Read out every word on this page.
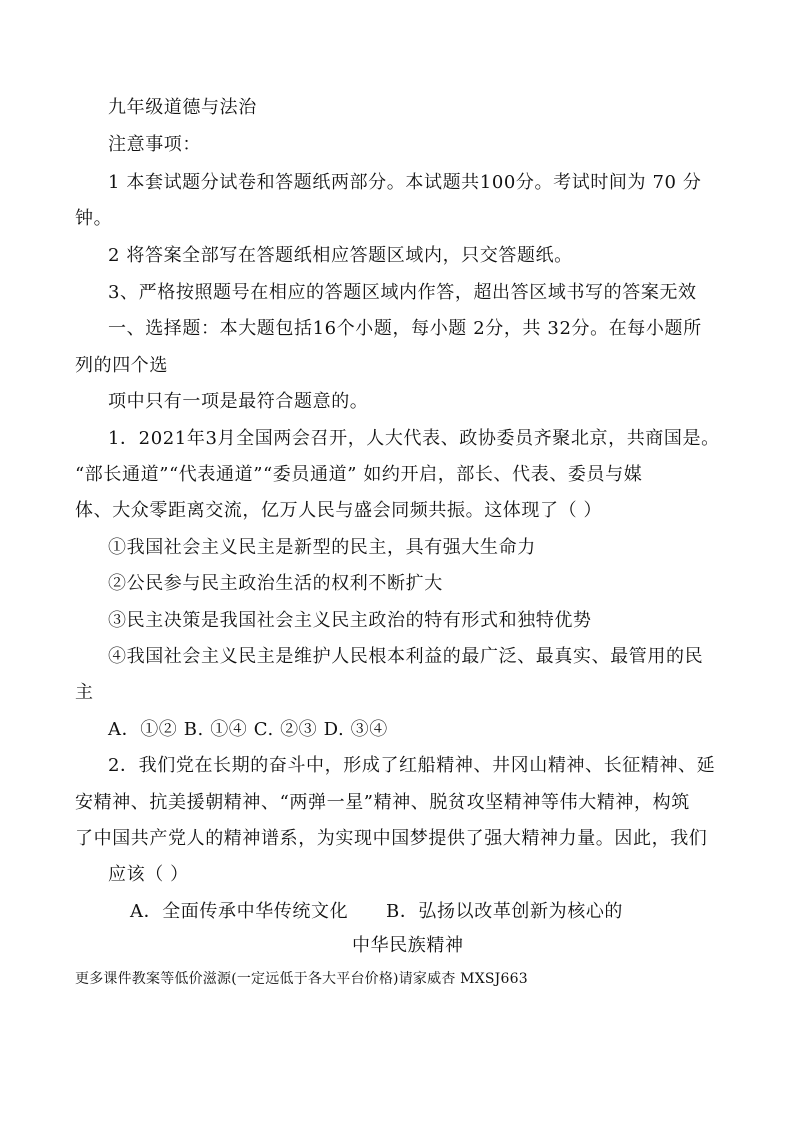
九年级道德与法治
注意事项：
1 本套试题分试卷和答题纸两部分。本试题共100分。考试时间为 70 分
钟。
2 将答案全部写在答题纸相应答题区域内，只交答题纸。
3、严格按照题号在相应的答题区域内作答，超出答区域书写的答案无效
一、选择题：本大题包括16个小题，每小题 2分，共 32分。在每小题所
列的四个选
项中只有一项是最符合题意的。
1．2021年3月全国两会召开，人大代表、政协委员齐聚北京，共商国是。
“部长通道”“代表通道”“委员通道” 如约开启，部长、代表、委员与媒
体、大众零距离交流，亿万人民与盛会同频共振。这体现了（ ）
①我国社会主义民主是新型的民主，具有强大生命力
②公民参与民主政治生活的权利不断扩大
③民主决策是我国社会主义民主政治的特有形式和独特优势
④我国社会主义民主是维护人民根本利益的最广泛、最真实、最管用的民
主
A．①② B. ①④ C. ②③ D. ③④
2．我们党在长期的奋斗中，形成了红船精神、井冈山精神、长征精神、延
安精神、抗美援朝精神、“两弹一星”精神、脱贫攻坚精神等伟大精神，构筑
了中国共产党人的精神谱系，为实现中国梦提供了强大精神力量。因此，我们
应该（ ）
A．全面传承中华传统文化 B．弘扬以改革创新为核心的
中华民族精神
更多课件教案等低价滋源(一定远低于各大平台价格)请家威杏 MXSJ663
